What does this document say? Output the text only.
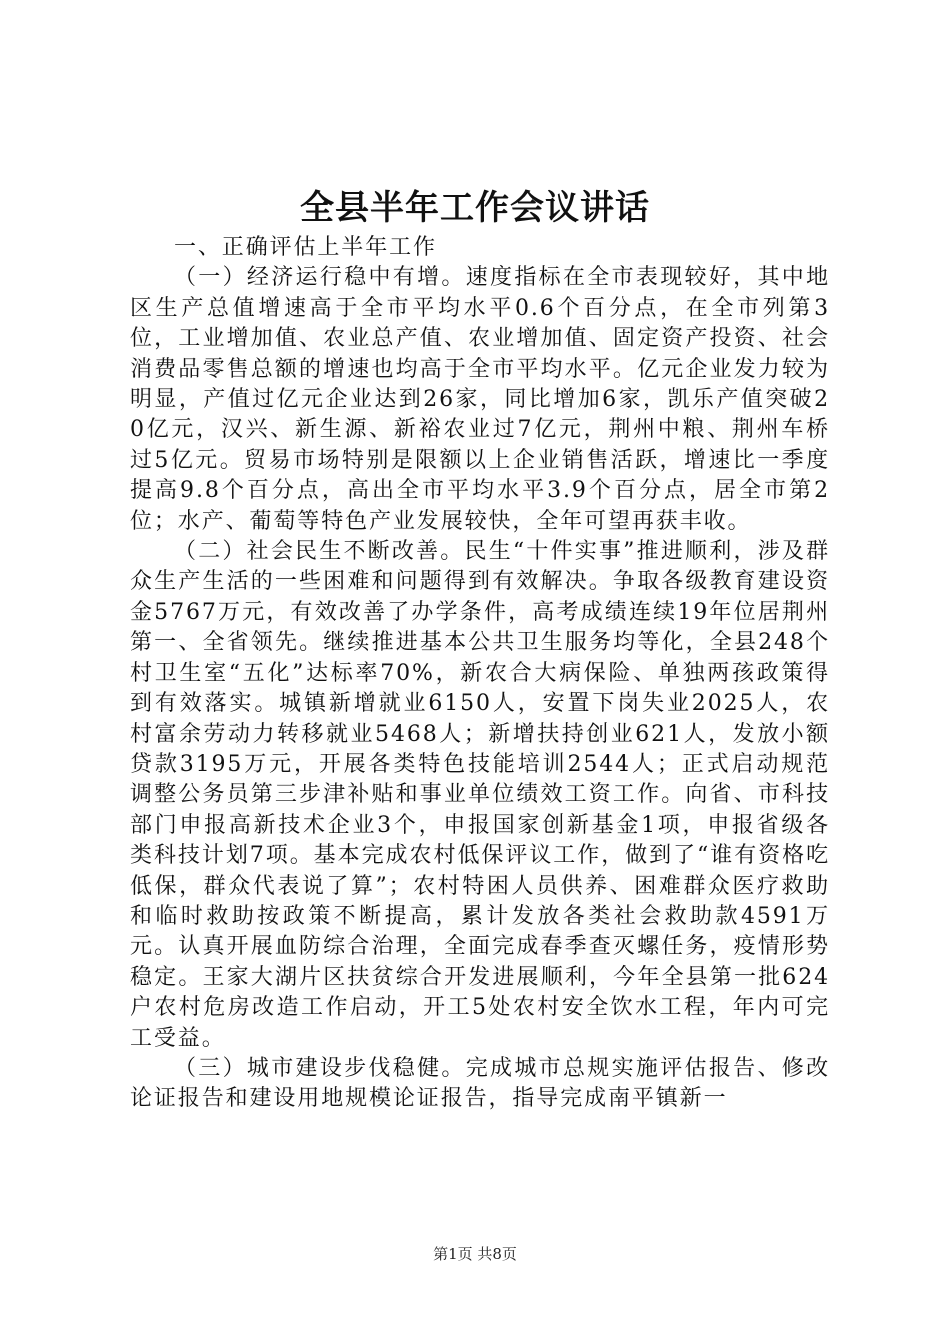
全县半年工作会议讲话

一、正确评估上半年工作

（一）经济运行稳中有增。速度指标在全市表现较好，其中地区生产总值增速高于全市平均水平0.6个百分点，在全市列第3位，工业增加值、农业总产值、农业增加值、固定资产投资、社会消费品零售总额的增速也均高于全市平均水平。亿元企业发力较为明显，产值过亿元企业达到26家，同比增加6家，凯乐产值突破20亿元，汉兴、新生源、新裕农业过7亿元，荆州中粮、荆州车桥过5亿元。贸易市场特别是限额以上企业销售活跃，增速比一季度提高9.8个百分点，高出全市平均水平3.9个百分点，居全市第2位；水产、葡萄等特色产业发展较快，全年可望再获丰收。

（二）社会民生不断改善。民生“十件实事”推进顺利，涉及群众生产生活的一些困难和问题得到有效解决。争取各级教育建设资金5767万元，有效改善了办学条件，高考成绩连续19年位居荆州第一、全省领先。继续推进基本公共卫生服务均等化，全县248个村卫生室“五化”达标率70%，新农合大病保险、单独两孩政策得到有效落实。城镇新增就业6150人，安置下岗失业2025人，农村富余劳动力转移就业5468人；新增扶持创业621人，发放小额贷款3195万元，开展各类特色技能培训2544人；正式启动规范调整公务员第三步津补贴和事业单位绩效工资工作。向省、市科技部门申报高新技术企业3个，申报国家创新基金1项，申报省级各类科技计划7项。基本完成农村低保评议工作，做到了“谁有资格吃低保，群众代表说了算”；农村特困人员供养、困难群众医疗救助和临时救助按政策不断提高，累计发放各类社会救助款4591万元。认真开展血防综合治理，全面完成春季查灭螺任务，疫情形势稳定。王家大湖片区扶贫综合开发进展顺利，今年全县第一批624户农村危房改造工作启动，开工5处农村安全饮水工程，年内可完工受益。

（三）城市建设步伐稳健。完成城市总规实施评估报告、修改论证报告和建设用地规模论证报告，指导完成南平镇新一

第1页 共8页
